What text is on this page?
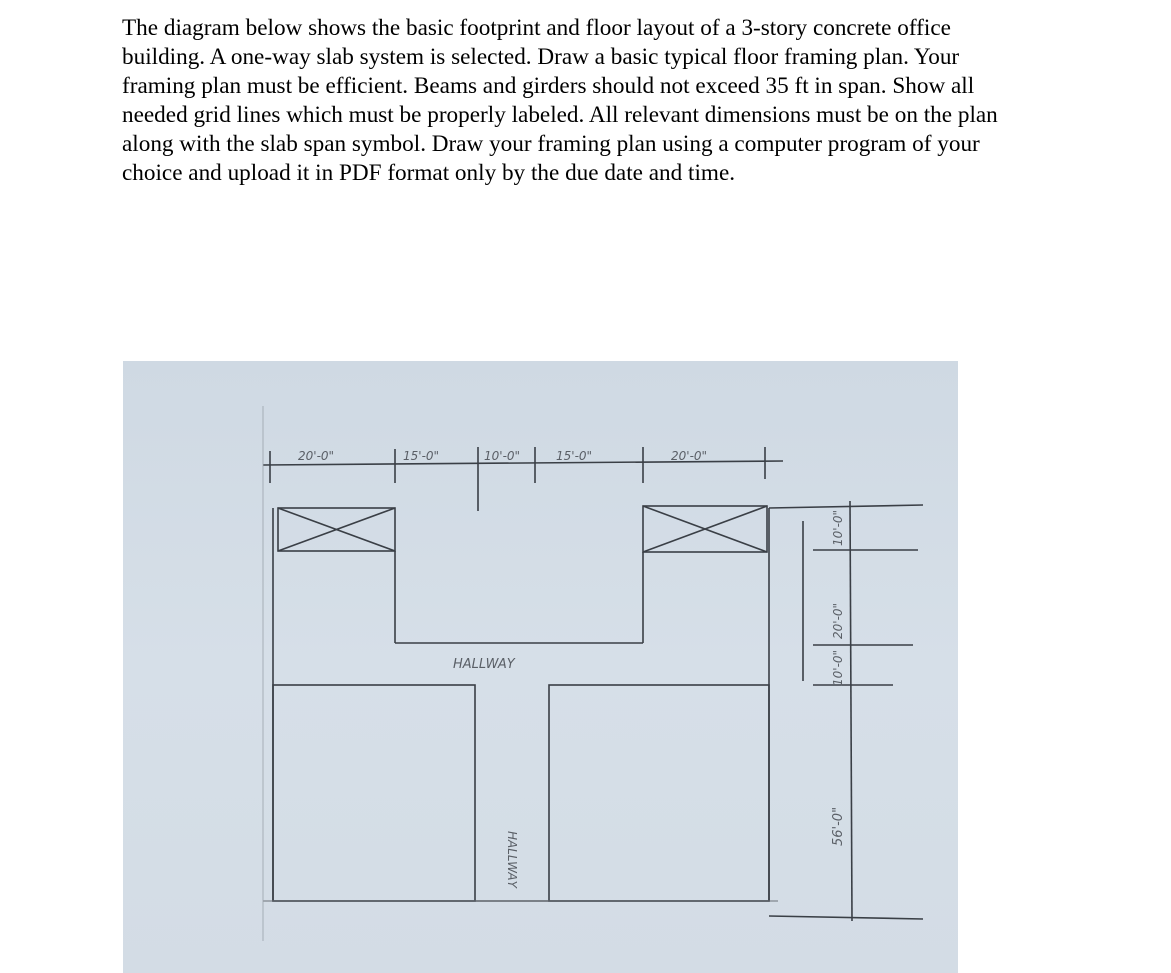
The diagram below shows the basic footprint and floor layout of a 3-story concrete office building. A one-way slab system is selected. Draw a basic typical floor framing plan. Your framing plan must be efficient. Beams and girders should not exceed 35 ft in span. Show all needed grid lines which must be properly labeled. All relevant dimensions must be on the plan along with the slab span symbol. Draw your framing plan using a computer program of your choice and upload it in PDF format only by the due date and time.

20'-0"	15'-0"	10'-0"	15'-0"	20'-0"
HALLWAY
HALLWAY
10'-0"
20'-0"
10'-0"
56'-0"
